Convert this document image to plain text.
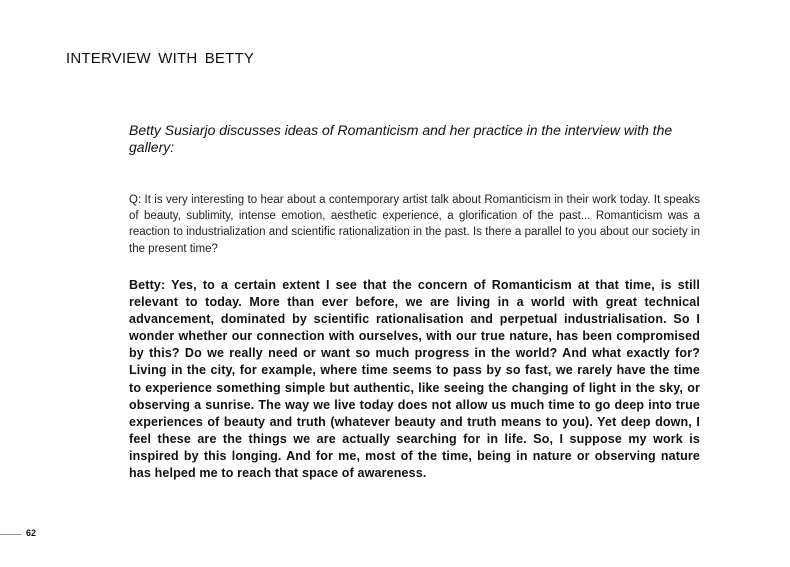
INTERVIEW WITH BETTY
Betty Susiarjo discusses ideas of Romanticism and her practice in the interview with the gallery:
Q: It is very interesting to hear about a contemporary artist talk about Romanticism in their work today. It speaks of beauty, sublimity, intense emotion, aesthetic experience, a glorification of the past... Romanticism was a reaction to industrialization and scientific rationalization in the past. Is there a parallel to you about our society in the present time?
Betty: Yes, to a certain extent I see that the concern of Romanticism at that time, is still relevant to today. More than ever before, we are living in a world with great technical advancement, dominated by scientific rationalisation and perpetual industrialisation. So I wonder whether our connection with ourselves, with our true nature, has been compromised by this? Do we really need or want so much progress in the world? And what exactly for? Living in the city, for example, where time seems to pass by so fast, we rarely have the time to experience something simple but authentic, like seeing the changing of light in the sky, or observing a sunrise. The way we live today does not allow us much time to go deep into true experiences of beauty and truth (whatever beauty and truth means to you). Yet deep down, I feel these are the things we are actually searching for in life. So, I suppose my work is inspired by this longing. And for me, most of the time, being in nature or observing nature has helped me to reach that space of awareness.
62
